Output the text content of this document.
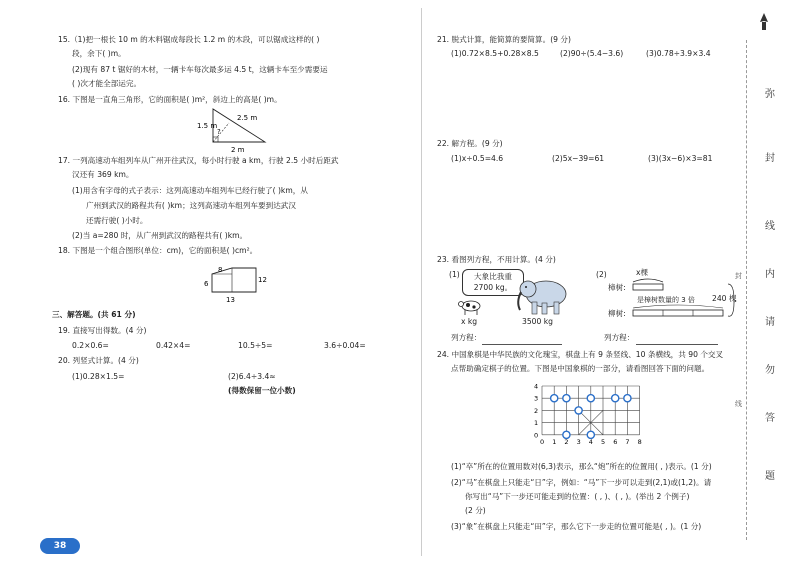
15.（1)把一根长 10 m 的木料锯成每段长 1.2 m 的木段，可以锯成这样的( )
段，余下( )m。
(2)现有 87 t 锯好的木材，一辆卡车每次最多运 4.5 t，这辆卡车至少需要运
( )次才能全部运完。
16. 下图是一直角三角形，它的面积是( )m²，斜边上的高是( )m。
1.5 m
2.5 m
?
2 m
17. 一列高速动车组列车从广州开往武汉，每小时行驶 a km，行驶 2.5 小时后距武
汉还有 369 km。
(1)用含有字母的式子表示：这列高速动车组列车已经行驶了( )km，从
广州到武汉的路程共有( )km；这列高速动车组列车要到达武汉
还需行驶( )小时。
(2)当 a=280 时，从广州到武汉的路程共有( )km。
18. 下图是一个组合图形(单位：cm)，它的面积是( )cm²。
8
12
6
13
三、解答题。(共 61 分)
19. 直接写出得数。(4 分)
0.2×0.6=	0.42×4=	10.5÷5=	3.6÷0.04=
20. 列竖式计算。(4 分)
(1)0.28×1.5=	(2)6.4÷3.4≈
(得数保留一位小数)
38
21. 脱式计算，能简算的要简算。(9 分)
(1)0.72×8.5+0.28×8.5	(2)90÷(5.4−3.6)	(3)0.78÷3.9×3.4
22. 解方程。(9 分)
(1)x÷0.5=4.6	(2)5x−39=61	(3)(3x−6)×3=81
23. 看图列方程，不用计算。(4 分)
(1)	大象比我重
2700 kg。
x kg	3500 kg
(2)	x棵
樟树:
是樟树数量的 3 倍 240 棵
柳树:
列方程：	列方程：
24. 中国象棋是中华民族的文化瑰宝，棋盘上有 9 条竖线、10 条横线，共 90 个交叉
点帮助确定棋子的位置。下图是中国象棋的一部分，请看图回答下面的问题。
0 1 2 3 4 5 6 7 8
0
1
2
3
4
(1)“卒”所在的位置用数对(6,3)表示，那么“炮”所在的位置用( , )表示。(1 分)
(2)“马”在棋盘上只能走“日”字，例如：“马”下一步可以走到(2,1)或(1,2)。请
你写出“马”下一步还可能走到的位置：( , )、( , )。(举出 2 个例子)
(2 分)
(3)“象”在棋盘上只能走“田”字，那么它下一步走的位置可能是( , )。(1 分)
弥
封
线
内
请
勿
答
题
封
线
